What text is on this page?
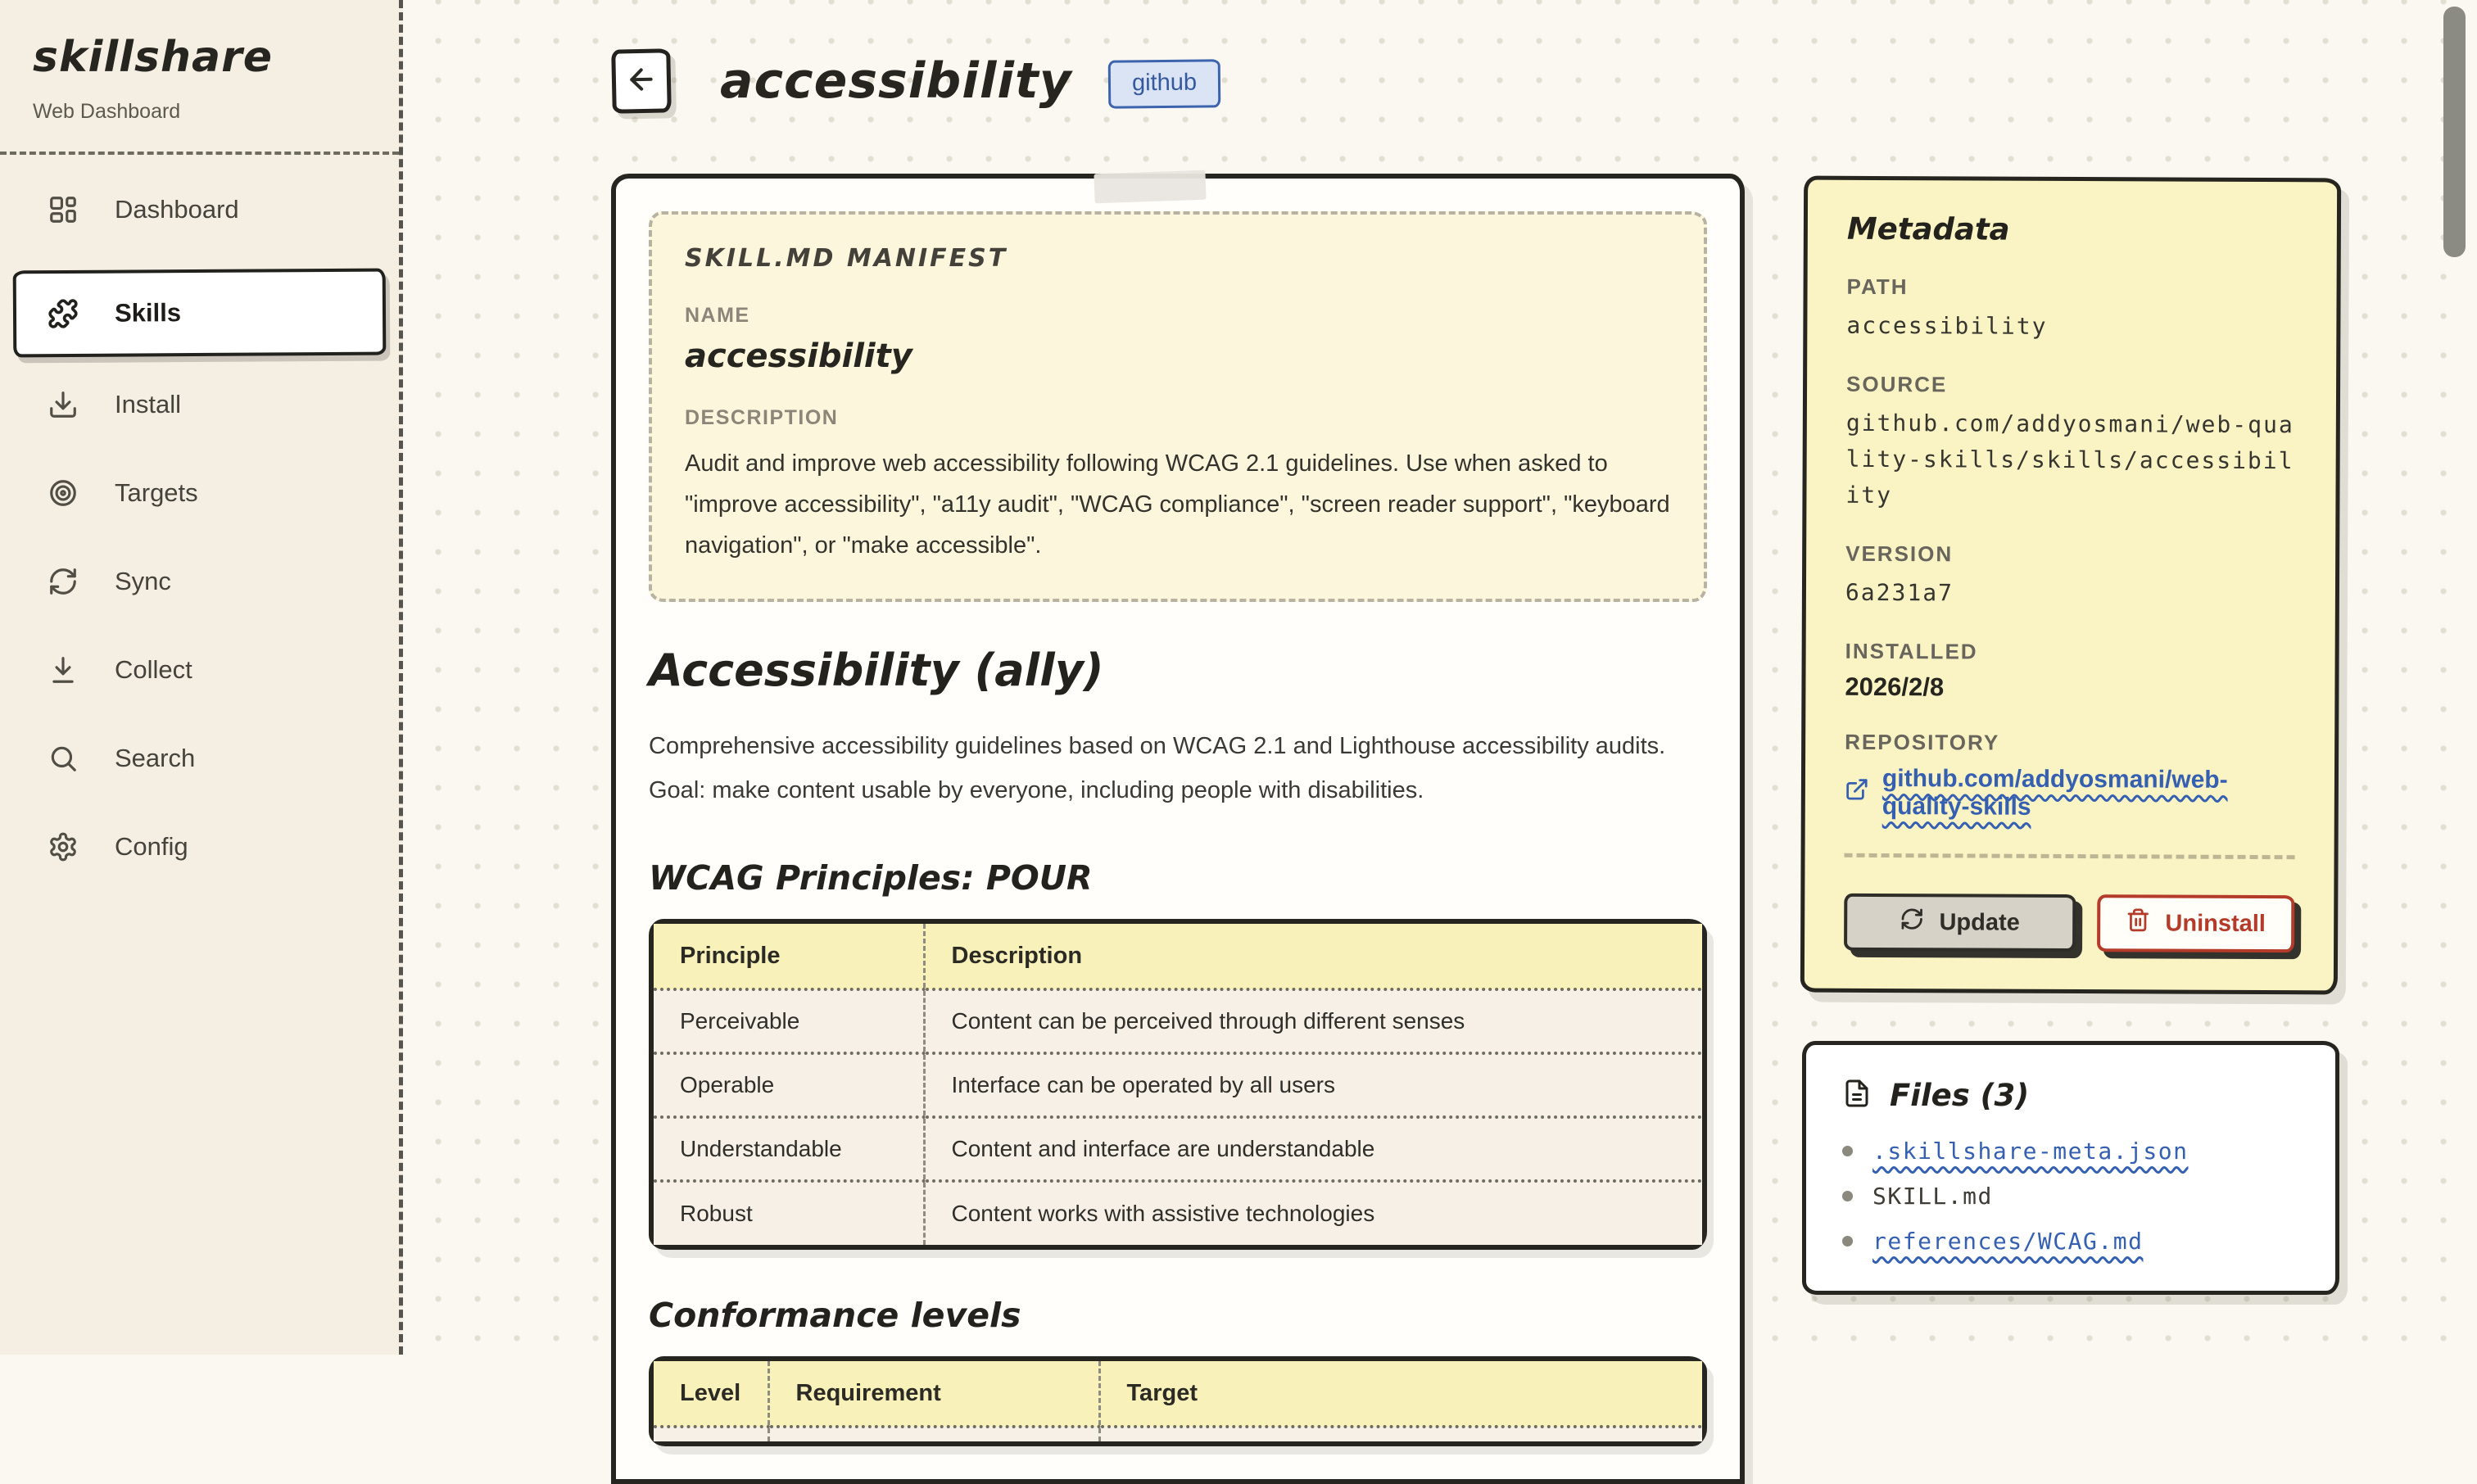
skillshare
Web Dashboard
Dashboard
Skills
Install
Targets
Sync
Collect
Search
Config
accessibility	github
SKILL.MD MANIFEST
NAME
accessibility
DESCRIPTION
Audit and improve web accessibility following WCAG 2.1 guidelines. Use when asked to "improve accessibility", "a11y audit", "WCAG compliance", "screen reader support", "keyboard navigation", or "make accessible".
Accessibility (ally)

Comprehensive accessibility guidelines based on WCAG 2.1 and Lighthouse accessibility audits. Goal: make content usable by everyone, including people with disabilities.

WCAG Principles: POUR
Principle	Description
Perceivable	Content can be perceived through different senses
Operable	Interface can be operated by all users
Understandable	Content and interface are understandable
Robust	Content works with assistive technologies
Conformance levels
Level	Requirement	Target

Metadata
PATH
accessibility
SOURCE
github.com/addyosmani/web-quality-skills/skills/accessibility
VERSION
6a231a7
INSTALLED
2026/2/8
REPOSITORY
github.com/addyosmani/web-quality-skills
Update	Uninstall
Files (3)
.skillshare-meta.json
SKILL.md
references/WCAG.md
